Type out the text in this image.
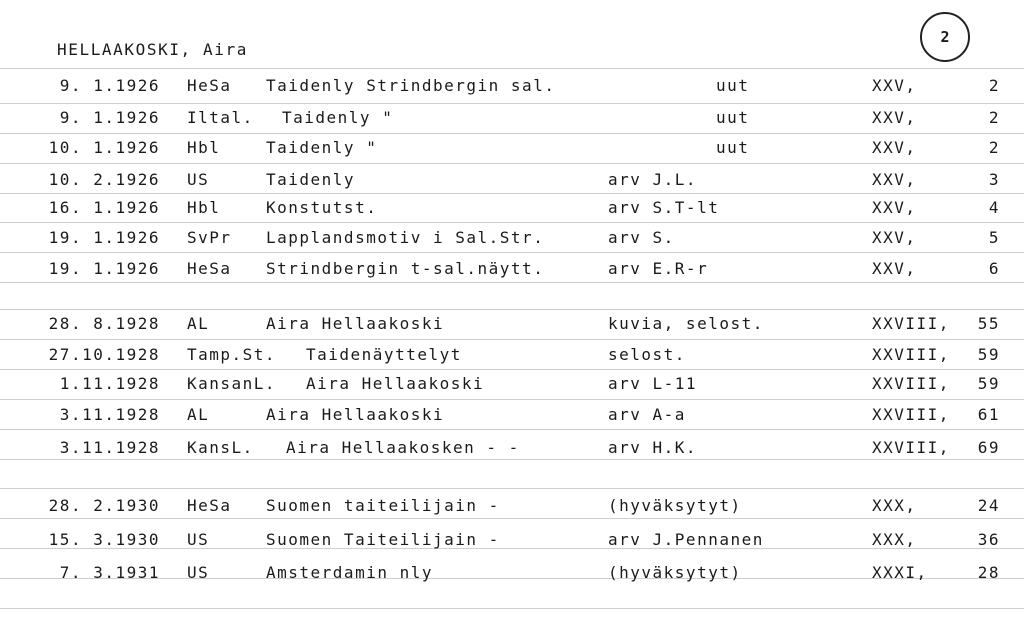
HELLAAKOSKI, Aira
2
9. 1.1926 HeSa Taidenly Strindbergin sal.	uut	XXV,	2
9. 1.1926 Iltal. Taidenly "	uut	XXV,	2
10. 1.1926 Hbl	Taidenly "	uut	XXV,	2
10. 2.1926 US	Taidenly	arv J.L.	XXV,	3
16. 1.1926 Hbl	Konstutst.	arv S.T-lt	XXV,	4
19. 1.1926 SvPr Lapplandsmotiv i Sal.Str.	arv S.	XXV,	5
19. 1.1926 HeSa Strindbergin t-sal.näytt.	arv E.R-r	XXV,	6
28. 8.1928 AL	Aira Hellaakoski	kuvia, selost.	XXVIII,	55
27.10.1928 Tamp.St. Taidenäyttelyt	selost.	XXVIII,	59
1.11.1928 KansanL. Aira Hellaakoski	arv L-11	XXVIII,	59
3.11.1928 AL	Aira Hellaakoski	arv A-a	XXVIII,	61
3.11.1928 KansL. Aira Hellaakosken - -	arv H.K.	XXVIII,	69
28. 2.1930 HeSa Suomen taiteilijain -	(hyväksytyt)	XXX,	24
15. 3.1930 US	Suomen Taiteilijain -	arv J.Pennanen	XXX,	36
7. 3.1931 US	Amsterdamin nly	(hyväksytyt)	XXXI,	28
